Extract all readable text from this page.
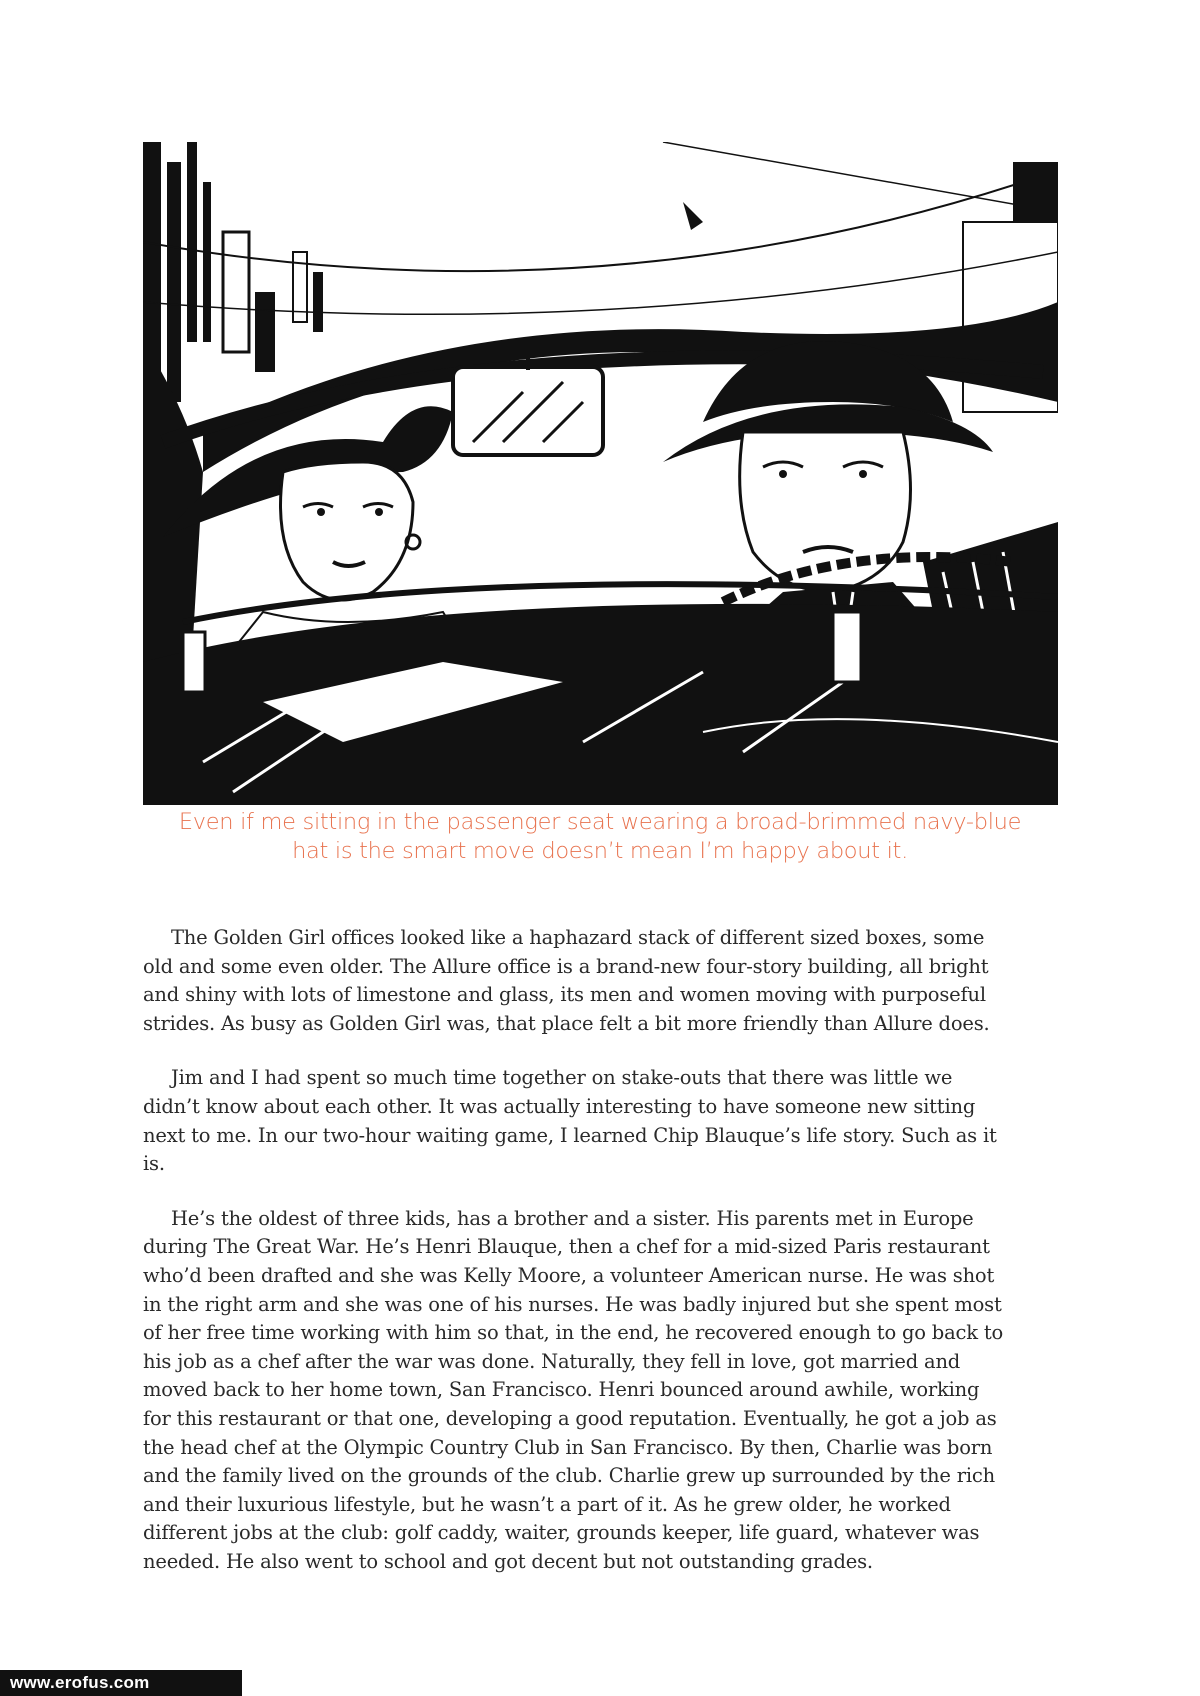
Even if me sitting in the passenger seat wearing a broad-brimmed navy-blue
hat is the smart move doesn’t mean I’m happy about it.

The Golden Girl offices looked like a haphazard stack of different sized boxes, some
old and some even older. The Allure office is a brand-new four-story building, all bright
and shiny with lots of limestone and glass, its men and women moving with purposeful
strides. As busy as Golden Girl was, that place felt a bit more friendly than Allure does.

Jim and I had spent so much time together on stake-outs that there was little we
didn’t know about each other. It was actually interesting to have someone new sitting
next to me. In our two-hour waiting game, I learned Chip Blauque’s life story. Such as it
is.

He’s the oldest of three kids, has a brother and a sister. His parents met in Europe
during The Great War. He’s Henri Blauque, then a chef for a mid-sized Paris restaurant
who’d been drafted and she was Kelly Moore, a volunteer American nurse. He was shot
in the right arm and she was one of his nurses. He was badly injured but she spent most
of her free time working with him so that, in the end, he recovered enough to go back to
his job as a chef after the war was done. Naturally, they fell in love, got married and
moved back to her home town, San Francisco. Henri bounced around awhile, working
for this restaurant or that one, developing a good reputation. Eventually, he got a job as
the head chef at the Olympic Country Club in San Francisco. By then, Charlie was born
and the family lived on the grounds of the club. Charlie grew up surrounded by the rich
and their luxurious lifestyle, but he wasn’t a part of it. As he grew older, he worked
different jobs at the club: golf caddy, waiter, grounds keeper, life guard, whatever was
needed. He also went to school and got decent but not outstanding grades.

www.erofus.com
